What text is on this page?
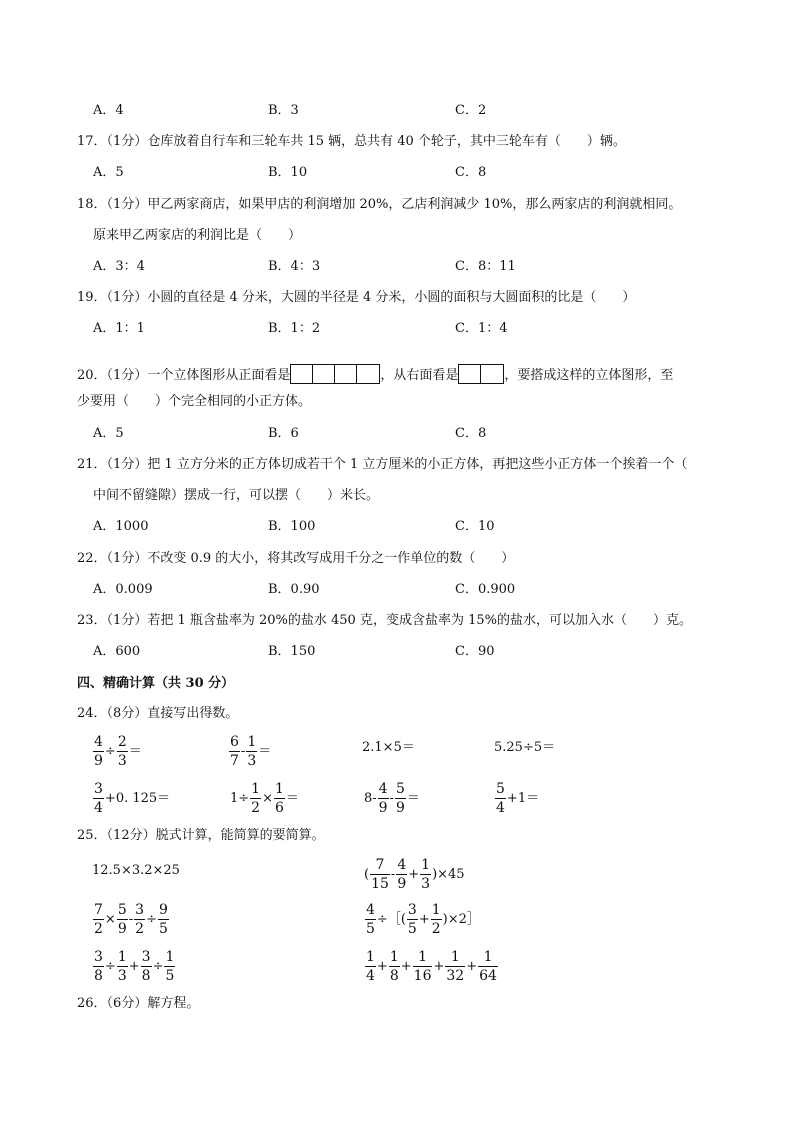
A．4	B．3	C．2
17．（1分）仓库放着自行车和三轮车共 15 辆，总共有 40 个轮子，其中三轮车有（　　）辆。
A．5	B．10	C．8
18．（1分）甲乙两家商店，如果甲店的利润增加 20%，乙店利润减少 10%，那么两家店的利润就相同。
原来甲乙两家店的利润比是（　　）
A．3：4	B．4：3	C．8：11
19．（1分）小圆的直径是 4 分米，大圆的半径是 4 分米，小圆的面积与大圆面积的比是（　　）
A．1：1	B．1：2	C．1：4
20．（1分）一个立体图形从正面看是	，从右面看是	，要搭成这样的立体图形，至
少要用（　　）个完全相同的小正方体。
A．5	B．6	C．8
21．（1分）把 1 立方分米的正方体切成若干个 1 立方厘米的小正方体，再把这些小正方体一个挨着一个（
中间不留缝隙）摆成一行，可以摆（　　）米长。
A．1000	B．100	C．10
22．（1分）不改变 0.9 的大小，将其改写成用千分之一作单位的数（　　）
A．0.009	B．0.90	C．0.900
23．（1分）若把 1 瓶含盐率为 20%的盐水 450 克，变成含盐率为 15%的盐水，可以加入水（　　）克。
A．600	B．150	C．90
四、精确计算（共 30 分）
24．（8分）直接写出得数。
$\frac{4}{9} \div \frac{2}{3}$ ＝	$\frac{6}{7} - \frac{1}{3}$ ＝	2.1×5＝	5.25÷5＝
$\frac{3}{4} +0$. 125＝	$1\div \frac{1}{2} \times \frac{1}{6}$ ＝	$8- \frac{4}{9} - \frac{5}{9}$ ＝	$\frac{5}{4} +1=$
25．（12分）脱式计算，能简算的要简算。
12.5×3.2×25	( $\frac{7}{15} - \frac{4}{9} + \frac{1}{3} )\times 45$
$\frac{7}{2} \times \frac{5}{9} - \frac{3}{2} \div \frac{9}{5}$	$\frac{4}{5}$ ÷［( $\frac{3}{5} + \frac{1}{2}$ )×2］
$\frac{3}{8} \div \frac{1}{3} + \frac{3}{8} \div \frac{1}{5}$	$\frac{1}{4} + \frac{1}{8} + \frac{1}{16} + \frac{1}{32} + \frac{1}{64}$
26．（6分）解方程。
